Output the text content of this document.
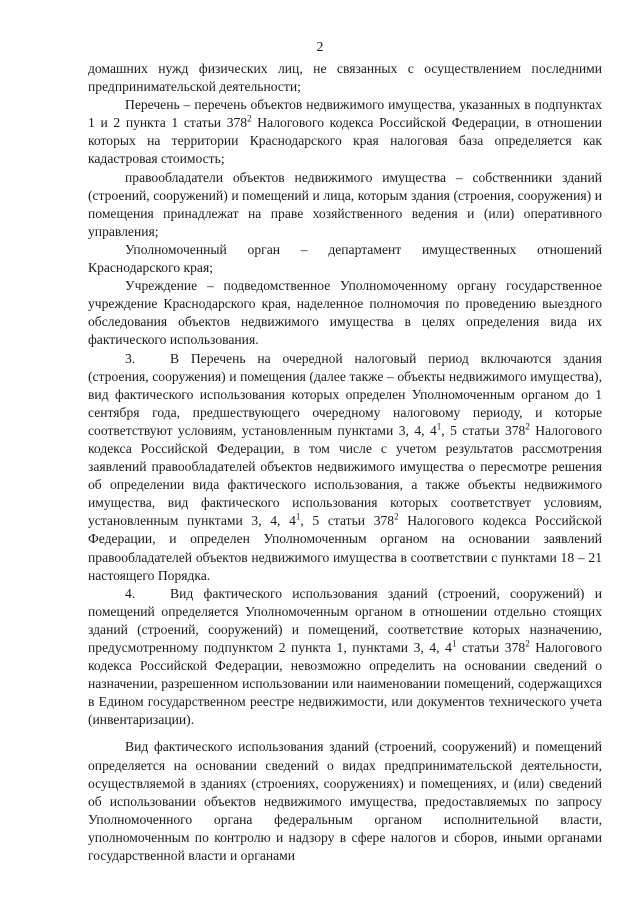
2

домашних нужд физических лиц, не связанных с осуществлением последними предпринимательской деятельности;

Перечень – перечень объектов недвижимого имущества, указанных в подпунктах 1 и 2 пункта 1 статьи $378^2$ Налогового кодекса Российской Федерации, в отношении которых на территории Краснодарского края налоговая база определяется как кадастровая стоимость;

правообладатели объектов недвижимого имущества – собственники зданий (строений, сооружений) и помещений и лица, которым здания (строения, сооружения) и помещения принадлежат на праве хозяйственного ведения и (или) оперативного управления;

Уполномоченный орган – департамент имущественных отношений Краснодарского края;

Учреждение – подведомственное Уполномоченному органу государственное учреждение Краснодарского края, наделенное полномочия по проведению выездного обследования объектов недвижимого имущества в целях определения вида их фактического использования.

3.	В Перечень на очередной налоговый период включаются здания (строения, сооружения) и помещения (далее также – объекты недвижимого имущества), вид фактического использования которых определен Уполномоченным органом до 1 сентября года, предшествующего очередному налоговому периоду, и которые соответствуют условиям, установленным пунктами 3, 4, $4^1$, 5 статьи $378^2$ Налогового кодекса Российской Федерации, в том числе с учетом результатов рассмотрения заявлений правообладателей объектов недвижимого имущества о пересмотре решения об определении вида фактического использования, а также объекты недвижимого имущества, вид фактического использования которых соответствует условиям, установленным пунктами 3, 4, $4^1$, 5 статьи $378^2$ Налогового кодекса Российской Федерации, и определен Уполномоченным органом на основании заявлений правообладателей объектов недвижимого имущества в соответствии с пунктами 18 – 21 настоящего Порядка.

4.	Вид фактического использования зданий (строений, сооружений) и помещений определяется Уполномоченным органом в отношении отдельно стоящих зданий (строений, сооружений) и помещений, соответствие которых назначению, предусмотренному подпунктом 2 пункта 1, пунктами 3, 4, $4^1$ статьи $378^2$ Налогового кодекса Российской Федерации, невозможно определить на основании сведений о назначении, разрешенном использовании или наименовании помещений, содержащихся в Едином государственном реестре недвижимости, или документов технического учета (инвентаризации).

Вид фактического использования зданий (строений, сооружений) и помещений определяется на основании сведений о видах предпринимательской деятельности, осуществляемой в зданиях (строениях, сооружениях) и помещениях, и (или) сведений об использовании объектов недвижимого имущества, предоставляемых по запросу Уполномоченного органа федеральным органом исполнительной власти, уполномоченным по контролю и надзору в сфере налогов и сборов, иными органами государственной власти и органами
